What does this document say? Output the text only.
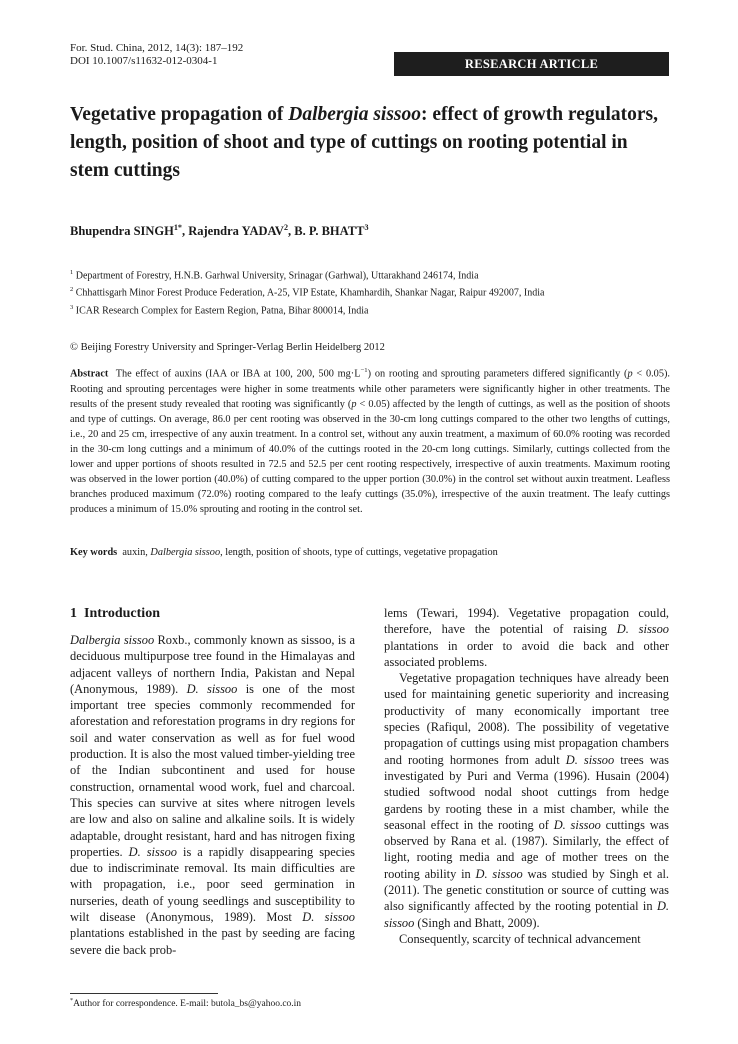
For. Stud. China, 2012, 14(3): 187–192
DOI 10.1007/s11632-012-0304-1	RESEARCH ARTICLE
Vegetative propagation of Dalbergia sissoo: effect of growth regulators, length, position of shoot and type of cuttings on rooting potential in stem cuttings
Bhupendra $SINGH^{1*}$, Rajendra YADAV$^2$, B. P. BHATT$^3$
$^1$ Department of Forestry, H.N.B. Garhwal University, Srinagar (Garhwal), Uttarakhand 246174, India
$^2$ Chhattisgarh Minor Forest Produce Federation, A-25, VIP Estate, Khamhardih, Shankar Nagar, Raipur 492007, India
$^3$ ICAR Research Complex for Eastern Region, Patna, Bihar 800014, India
© Beijing Forestry University and Springer-Verlag Berlin Heidelberg 2012
Abstract The effect of auxins (IAA or IBA at 100, 200, 500 $mg\cdot L^{-1}$) on rooting and sprouting parameters differed significantly (p < 0.05). Rooting and sprouting percentages were higher in some treatments while other parameters were significantly higher in other treatments. The results of the present study revealed that rooting was significantly (p < 0.05) affected by the length of cuttings, as well as the position of shoots and type of cuttings. On average, 86.0 per cent rooting was observed in the 30-cm long cuttings compared to the other two lengths of cuttings, i.e., 20 and 25 cm, irrespective of any auxin treatment. In a control set, without any auxin treatment, a maximum of 60.0% rooting was recorded in the 30-cm long cuttings and a minimum of 40.0% of the cuttings rooted in the 20-cm long cuttings. Similarly, cuttings collected from the lower and upper portions of shoots resulted in 72.5 and 52.5 per cent rooting respectively, irrespective of auxin treatments. Maximum rooting was observed in the lower portion (40.0%) of cutting compared to the upper portion (30.0%) in the control set without auxin treatment. Leafless branches produced maximum (72.0%) rooting compared to the leafy cuttings (35.0%), irrespective of the auxin treatment. The leafy cuttings produces a minimum of 15.0% sprouting and rooting in the control set.
Key words auxin, Dalbergia sissoo, length, position of shoots, type of cuttings, vegetative propagation
1 Introduction

Dalbergia sissoo Roxb., commonly known as sissoo, is a deciduous multipurpose tree found in the Himalayas and adjacent valleys of northern India, Pakistan and Nepal (Anonymous, 1989). D. sissoo is one of the most important tree species commonly recommended for aforestation and reforestation programs in dry regions for soil and water conservation as well as for fuel wood production. It is also the most valued timber-yielding tree of the Indian subcontinent and used for house construction, ornamental wood work, fuel and charcoal. This species can survive at sites where nitrogen levels are low and also on saline and alkaline soils. It is widely adaptable, drought resistant, hard and has nitrogen fixing properties. D. sissoo is a rapidly disappearing species due to indiscriminate removal. Its main difficulties are with propagation, i.e., poor seed germination in nurseries, death of young seedlings and susceptibility to wilt disease (Anonymous, 1989). Most D. sissoo plantations established in the past by seeding are facing severe die back prob-

lems (Tewari, 1994). Vegetative propagation could, therefore, have the potential of raising D. sissoo plantations in order to avoid die back and other associated problems.

Vegetative propagation techniques have already been used for maintaining genetic superiority and increasing productivity of many economically important tree species (Rafiqul, 2008). The possibility of vegetative propagation of cuttings using mist propagation chambers and rooting hormones from adult D. sissoo trees was investigated by Puri and Verma (1996). Husain (2004) studied softwood nodal shoot cuttings from hedge gardens by rooting these in a mist chamber, while the seasonal effect in the rooting of D. sissoo cuttings was observed by Rana et al. (1987). Similarly, the effect of light, rooting media and age of mother trees on the rooting ability in D. sissoo was studied by Singh et al. (2011). The genetic constitution or source of cutting was also significantly affected by the rooting potential in D. sissoo (Singh and Bhatt, 2009).

Consequently, scarcity of technical advancement

*Author for correspondence. E-mail: butola_bs@yahoo.co.in
